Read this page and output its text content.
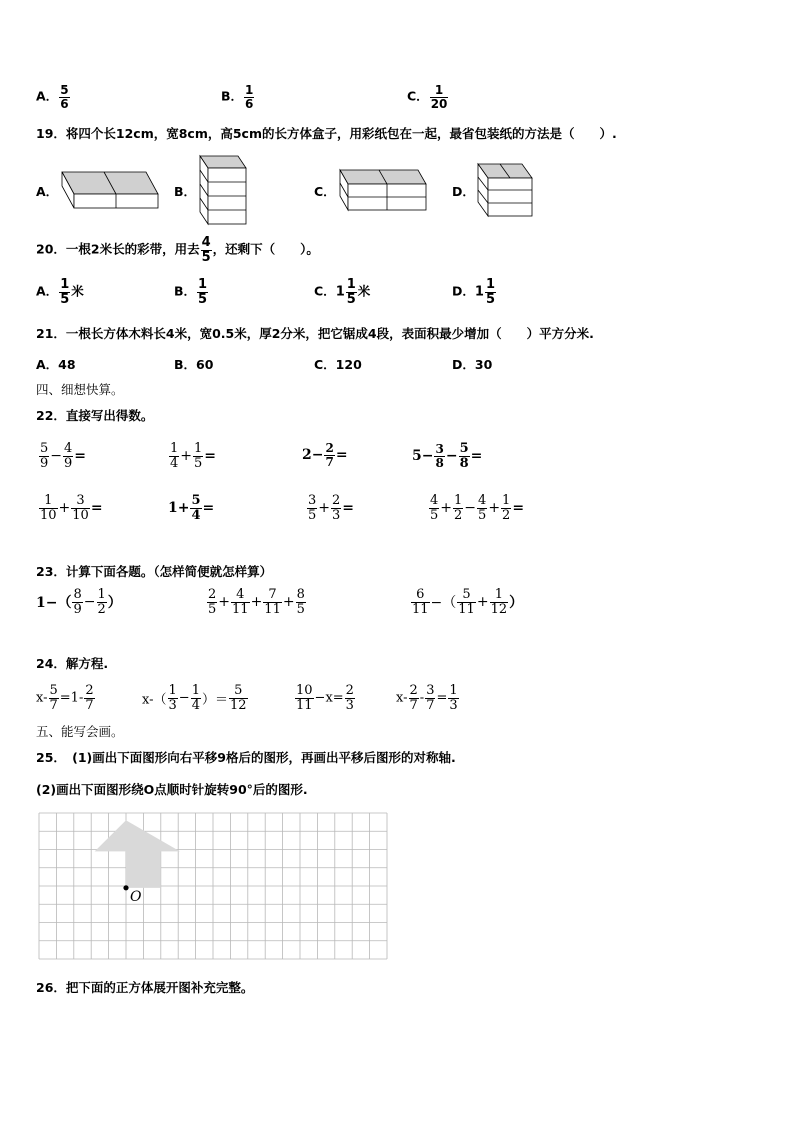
A． $\frac{5}{6}$	B． $\frac{1}{6}$	C． $\frac{1}{20}$
19．将四个长12cm，宽8cm，高5cm的长方体盒子，用彩纸包在一起，最省包装纸的方法是（　　）.
A．	B．	C．	D．
20．一根2米长的彩带，用去 $\frac{4}{5}$ ，还剩下（　　）。
A． $\frac{1}{5}$ 米	B． $\frac{1}{5}$	C．$1 \frac{1}{5}$ 米	D．$1 \frac{1}{5}$
21．一根长方体木料长4米，宽0.5米，厚2分米，把它锯成4段，表面积最少增加（　　）平方分米.
A．48	B．60	C．120	D．30
四、细想快算。
22．直接写出得数。
$\frac{5}{9} - \frac{4}{9}$ =	$\frac{1}{4} + \frac{1}{5}$ =	$2- \frac{2}{7}$ =	$5- \frac{3}{8} - \frac{5}{8}$ =
$\frac{1}{10} + \frac{3}{10}$ =	$1+ \frac{5}{4}$ =	$\frac{3}{5} + \frac{2}{3}$ =	$\frac{4}{5} + \frac{1}{2} - \frac{4}{5} + \frac{1}{2}$ =
23．计算下面各题。（怎样简便就怎样算）
$1-( \frac{8}{9} - \frac{1}{2}$ ）	$\frac{2}{5} + \frac{4}{11} + \frac{7}{11} + \frac{8}{5}$	$\frac{6}{11}$ −（ $\frac{5}{11} + \frac{1}{12}$ ）
24．解方程.
$x- \frac{5}{7} =1- \frac{2}{7}$	$x-( \frac{1}{3} - \frac{1}{4}$ ）＝ $\frac{5}{12}$	$\frac{10}{11} -x= \frac{2}{3}$	$x- \frac{2}{7} - \frac{3}{7} = \frac{1}{3}$
五、能写会画。
25．　(1)画出下面图形向右平移9格后的图形，再画出平移后图形的对称轴.
(2)画出下面图形绕O点顺时针旋转90°后的图形.
O
26．把下面的正方体展开图补充完整。
